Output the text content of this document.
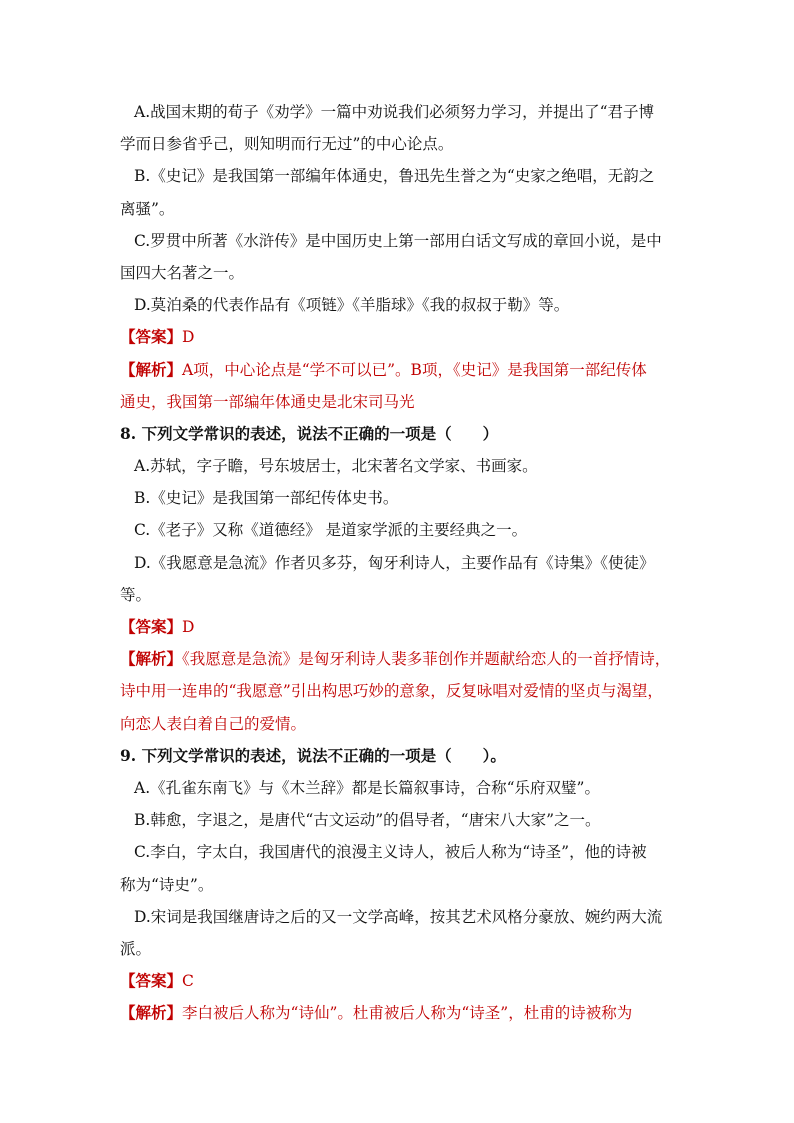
A.战国末期的荀子《劝学》一篇中劝说我们必须努力学习，并提出了“君子博
学而日参省乎己，则知明而行无过”的中心论点。
B.《史记》是我国第一部编年体通史，鲁迅先生誉之为“史家之绝唱，无韵之
离骚”。
C.罗贯中所著《水浒传》是中国历史上第一部用白话文写成的章回小说，是中
国四大名著之一。
D.莫泊桑的代表作品有《项链》《羊脂球》《我的叔叔于勒》等。
【答案】D
【解析】A项，中心论点是“学不可以已”。B项，《史记》是我国第一部纪传体
通史，我国第一部编年体通史是北宋司马光
8. 下列文学常识的表述，说法不正确的一项是（　　）
A.苏轼，字子瞻，号东坡居士，北宋著名文学家、书画家。
B.《史记》是我国第一部纪传体史书。
C.《老子》又称《道德经》 是道家学派的主要经典之一。
D.《我愿意是急流》作者贝多芬，匈牙利诗人，主要作品有《诗集》《使徒》
等。
【答案】D
【解析】《我愿意是急流》是匈牙利诗人裴多菲创作并题献给恋人的一首抒情诗，
诗中用一连串的“我愿意”引出构思巧妙的意象，反复咏唱对爱情的坚贞与渴望，
向恋人表白着自己的爱情。
9. 下列文学常识的表述，说法不正确的一项是（　　）。
A.《孔雀东南飞》与《木兰辞》都是长篇叙事诗，合称“乐府双璧”。
B.韩愈，字退之，是唐代“古文运动”的倡导者，“唐宋八大家”之一。
C.李白，字太白，我国唐代的浪漫主义诗人，被后人称为“诗圣”，他的诗被
称为“诗史”。
D.宋词是我国继唐诗之后的又一文学高峰，按其艺术风格分豪放、婉约两大流
派。
【答案】C
【解析】李白被后人称为“诗仙”。杜甫被后人称为“诗圣”，杜甫的诗被称为
